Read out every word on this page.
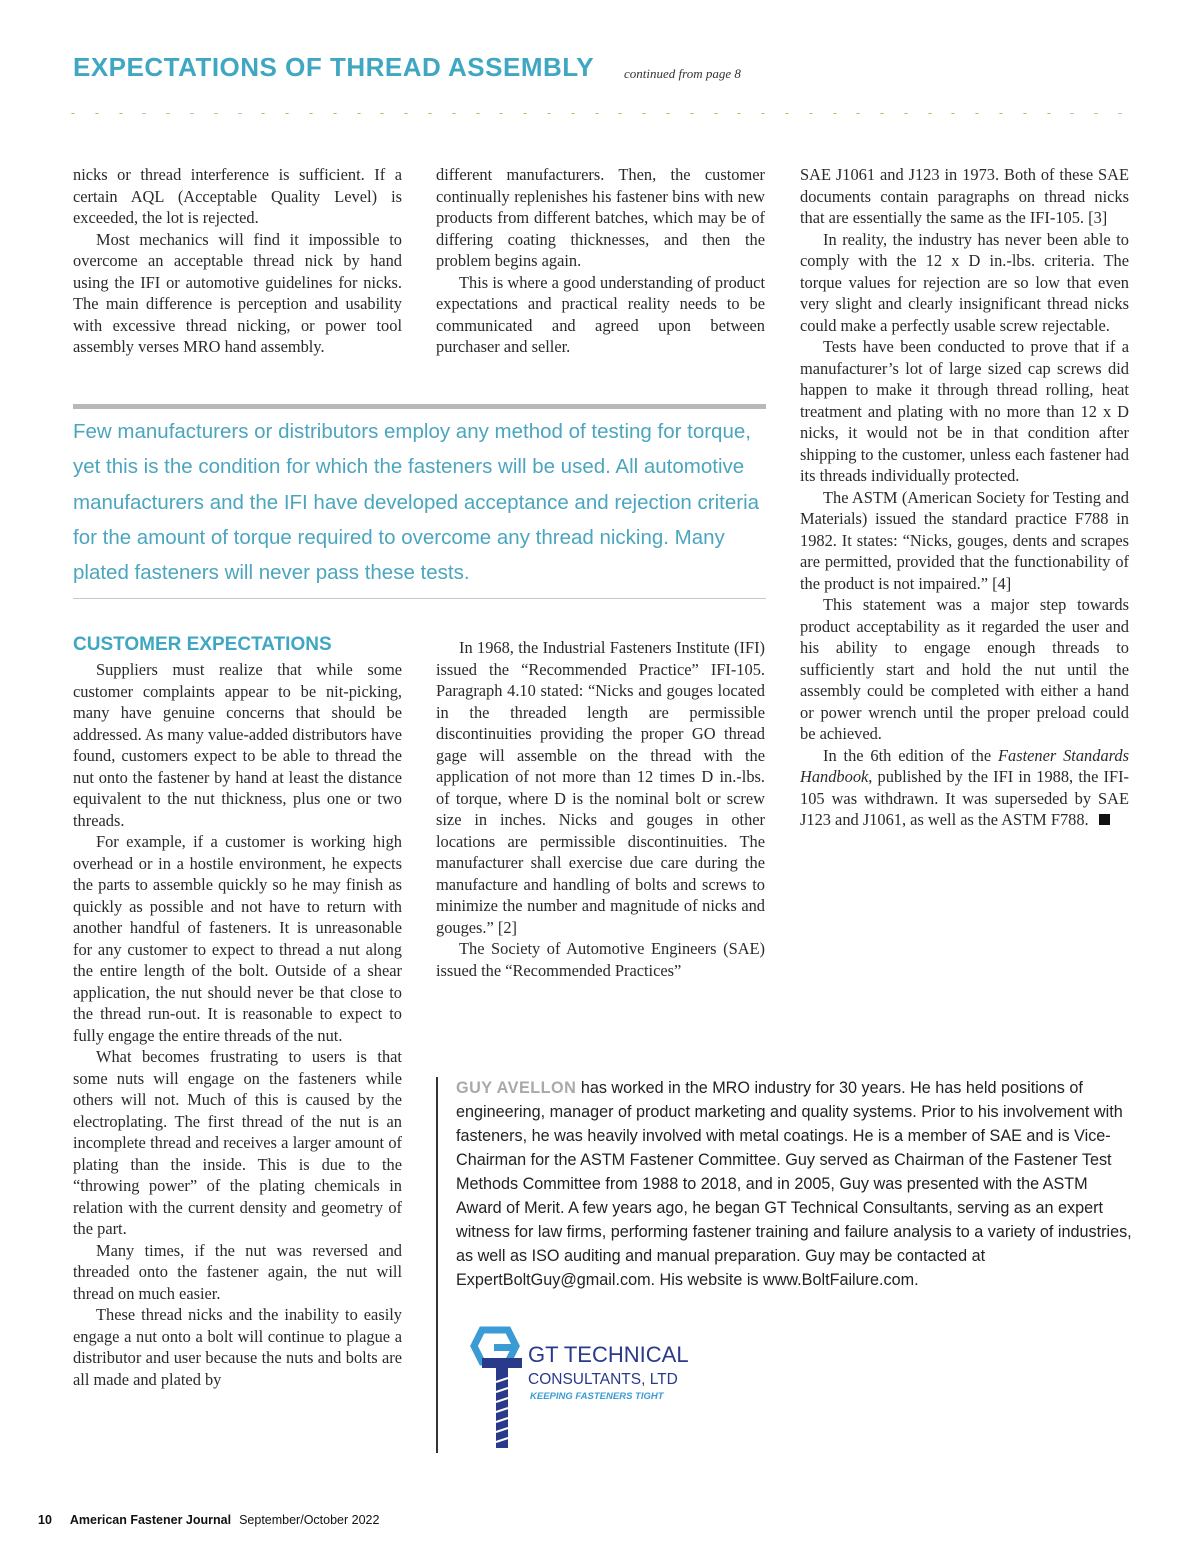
EXPECTATIONS OF THREAD ASSEMBLY continued from page 8

nicks or thread interference is sufficient. If a certain AQL (Acceptable Quality Level) is exceeded, the lot is rejected.

Most mechanics will find it impossible to overcome an acceptable thread nick by hand using the IFI or automotive guidelines for nicks. The main difference is perception and usability with excessive thread nicking, or power tool assembly verses MRO hand assembly.

different manufacturers. Then, the customer continually replenishes his fastener bins with new products from different batches, which may be of differing coating thicknesses, and then the problem begins again.

This is where a good understanding of product expectations and practical reality needs to be communicated and agreed upon between purchaser and seller.

Few manufacturers or distributors employ any method of testing for torque, yet this is the condition for which the fasteners will be used. All automotive manufacturers and the IFI have developed acceptance and rejection criteria for the amount of torque required to overcome any thread nicking. Many plated fasteners will never pass these tests.
CUSTOMER EXPECTATIONS

Suppliers must realize that while some customer complaints appear to be nit-picking, many have genuine concerns that should be addressed. As many value-added distributors have found, customers expect to be able to thread the nut onto the fastener by hand at least the distance equivalent to the nut thickness, plus one or two threads.

For example, if a customer is working high overhead or in a hostile environment, he expects the parts to assemble quickly so he may finish as quickly as possible and not have to return with another handful of fasteners. It is unreasonable for any customer to expect to thread a nut along the entire length of the bolt. Outside of a shear application, the nut should never be that close to the thread run-out. It is reasonable to expect to fully engage the entire threads of the nut.

What becomes frustrating to users is that some nuts will engage on the fasteners while others will not. Much of this is caused by the electroplating. The first thread of the nut is an incomplete thread and receives a larger amount of plating than the inside. This is due to the “throwing power” of the plating chemicals in relation with the current density and geometry of the part.

Many times, if the nut was reversed and threaded onto the fastener again, the nut will thread on much easier.

These thread nicks and the inability to easily engage a nut onto a bolt will continue to plague a distributor and user because the nuts and bolts are all made and plated by

In 1968, the Industrial Fasteners Institute (IFI) issued the “Recommended Practice” IFI-105. Paragraph 4.10 stated: “Nicks and gouges located in the threaded length are permissible discontinuities providing the proper GO thread gage will assemble on the thread with the application of not more than 12 times D in.-lbs. of torque, where D is the nominal bolt or screw size in inches. Nicks and gouges in other locations are permissible discontinuities. The manufacturer shall exercise due care during the manufacture and handling of bolts and screws to minimize the number and magnitude of nicks and gouges.” [2]

The Society of Automotive Engineers (SAE) issued the “Recommended Practices”

SAE J1061 and J123 in 1973. Both of these SAE documents contain paragraphs on thread nicks that are essentially the same as the IFI-105. [3]

In reality, the industry has never been able to comply with the 12 x D in.-lbs. criteria. The torque values for rejection are so low that even very slight and clearly insignificant thread nicks could make a perfectly usable screw rejectable.

Tests have been conducted to prove that if a manufacturer’s lot of large sized cap screws did happen to make it through thread rolling, heat treatment and plating with no more than 12 x D nicks, it would not be in that condition after shipping to the customer, unless each fastener had its threads individually protected.

The ASTM (American Society for Testing and Materials) issued the standard practice F788 in 1982. It states: “Nicks, gouges, dents and scrapes are permitted, provided that the functionability of the product is not impaired.” [4]

This statement was a major step towards product acceptability as it regarded the user and his ability to engage enough threads to sufficiently start and hold the nut until the assembly could be completed with either a hand or power wrench until the proper preload could be achieved.

In the 6th edition of the Fastener Standards Handbook, published by the IFI in 1988, the IFI-105 was withdrawn. It was superseded by SAE J123 and J1061, as well as the ASTM F788.

GUY AVELLON has worked in the MRO industry for 30 years. He has held positions of engineering, manager of product marketing and quality systems. Prior to his involvement with fasteners, he was heavily involved with metal coatings. He is a member of SAE and is Vice-Chairman for the ASTM Fastener Committee. Guy served as Chairman of the Fastener Test Methods Committee from 1988 to 2018, and in 2005, Guy was presented with the ASTM Award of Merit. A few years ago, he began GT Technical Consultants, serving as an expert witness for law firms, performing fastener training and failure analysis to a variety of industries, as well as ISO auditing and manual preparation. Guy may be contacted at ExpertBoltGuy@gmail.com. His website is www.BoltFailure.com.
GT TECHNICAL
CONSULTANTS, LTD
KEEPING FASTENERS TIGHT
10 American Fastener Journal September/October 2022
